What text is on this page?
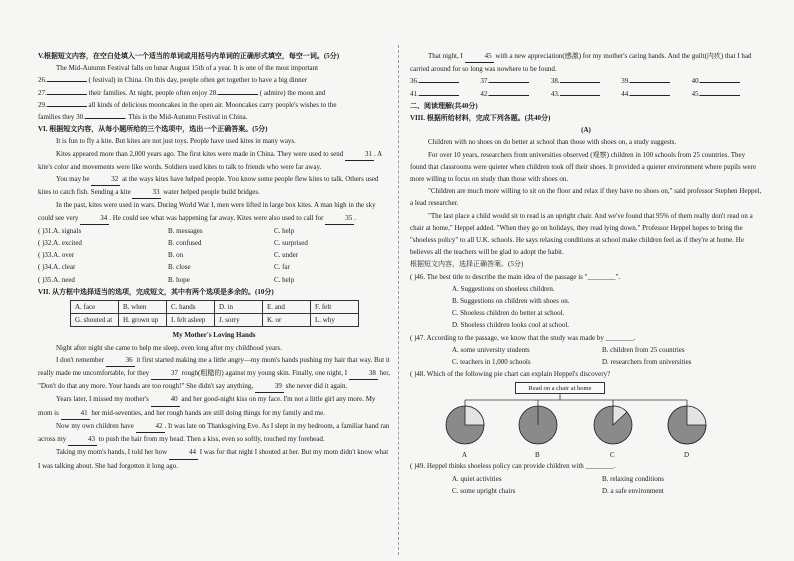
V.根据短文内容，在空白处填入一个适当的单词或用括号内单词的正确形式填空，每空一词。(5分)

The Mid-Autumn Festival falls on lunar August 15th of a year. It is one of the most important

26.	( festival) in China. On this day, people often get together to have a big dinner

27.	their families. At night, people often enjoy 28.	( admire) the moon and

29.	all kinds of delicious mooncakes in the open air. Mooncakes carry people's wishes to the

families they 30.	. This is the Mid-Autumn Festival in China.

VI. 根据短文内容，从每小题所给的三个选项中，选出一个正确答案。(5分)

It is fun to fly a kite. But kites are not just toys. People have used kites in many ways.

Kites appeared more than 2,000 years ago. The first kites were made in China. They were used to send	31 . A kite's color and movements were like words. Soldiers used kites to talk to friends who were far away.

You may be	32 at the ways kites have helped people. You know some people flew kites to talk. Others used kites to catch fish. Sending a kite	33 water helped people build bridges.

In the past, kites were used in wars. During World War I, men were lifted in large box kites. A man high in the sky could see very	34 . He could see what was happening far away. Kites were also used to call for	35 .

( )31.A. signals	B. messages	C. help
( )32.A. excited	B. confused	C. surprised
( )33.A. over	B. on	C. under
( )34.A. clear	B. close	C. far
( )35.A. need	B. hope	C. help

VII. 从方框中选择适当的选项，完成短文，其中有两个选项是多余的。(10分)

A. face	B. when	C. hands	D. in	E. and	F. felt
G. shouted at	H. grown up	I. felt asleep	J. sorry	K. or	L. why

My Mother's Loving Hands

Night after night she came to help me sleep, even long after my childhood years.

I don't remember	36 it first started making me a little angry—my mom's hands pushing my hair that way. But it really made me uncomfortable, for they	37 rough(粗糙的) against my young skin. Finally, one night, I	38 her, "Don't do that any more. Your hands are too rough!" She didn't say anything,	39 she never did it again.

Years later, I missed my mother's	40 and her good-night kiss on my face. I'm not a little girl any more. My mom is	41 her mid-seventies, and her rough hands are still doing things for my family and me.

Now my own children have	42 . It was late on Thanksgiving Eve. As I slept in my bedroom, a familiar hand ran across my	43 to push the hair from my head. Then a kiss, even so softly, touched my forehead.

Taking my mom's hands, I told her how	44 I was for that night I shouted at her. But my mom didn't know what I was talking about. She had forgotten it long ago.

That night, I	45 with a new appreciation(感激) for my mother's caring hands. And the guilt(内疚) that I had carried around for so long was nowhere to be found.

36.	37.	38.	39.	40.
41.	42.	43.	44.	45.

二、阅读理解(共40分)

VIII. 根据所给材料，完成下列各题。(共40分)

(A)

Children with no shoes on do better at school than those with shoes on, a study suggests.

For over 10 years, researchers from universities observed (观察) children in 100 schools from 25 countries. They found that classrooms were quieter when children took off their shoes. It provided a quieter environment where pupils were more willing to focus on study than those with shoes on.

"Children are much more willing to sit on the floor and relax if they have no shoes on," said professor Stephen Heppel, a lead researcher.

"The last place a child would sit to read is an upright chair. And we've found that 95% of them really don't read on a chair at home," Heppel added. "When they go on holidays, they read lying down." Professor Heppel hopes to bring the "shoeless policy" to all U.K. schools. He says relaxing conditions at school make children feel as if they're at home. He believes all the teachers will be glad to adopt the habit.

根据短文内容，选择正确答案。(5分)

( )46. The best title to describe the main idea of the passage is "________".

A. Suggestions on shoeless children.

B. Suggestions on children with shoes on.

C. Shoeless children do better at school.

D. Shoeless children looks cool at school.

( )47. According to the passage, we know that the study was made by ________.

A. some university students	B. children from 25 countries
C. teachers in 1,000 schools	D. researchers from universities

( )48. Which of the following pie chart can explain Heppel's discovery?

Read on a chair at home
A	B	C	D

( )49. Heppel thinks shoeless policy can provide children with ________.

A. quiet activities	B. relaxing conditions
C. some upright chairs	D. a safe environment
